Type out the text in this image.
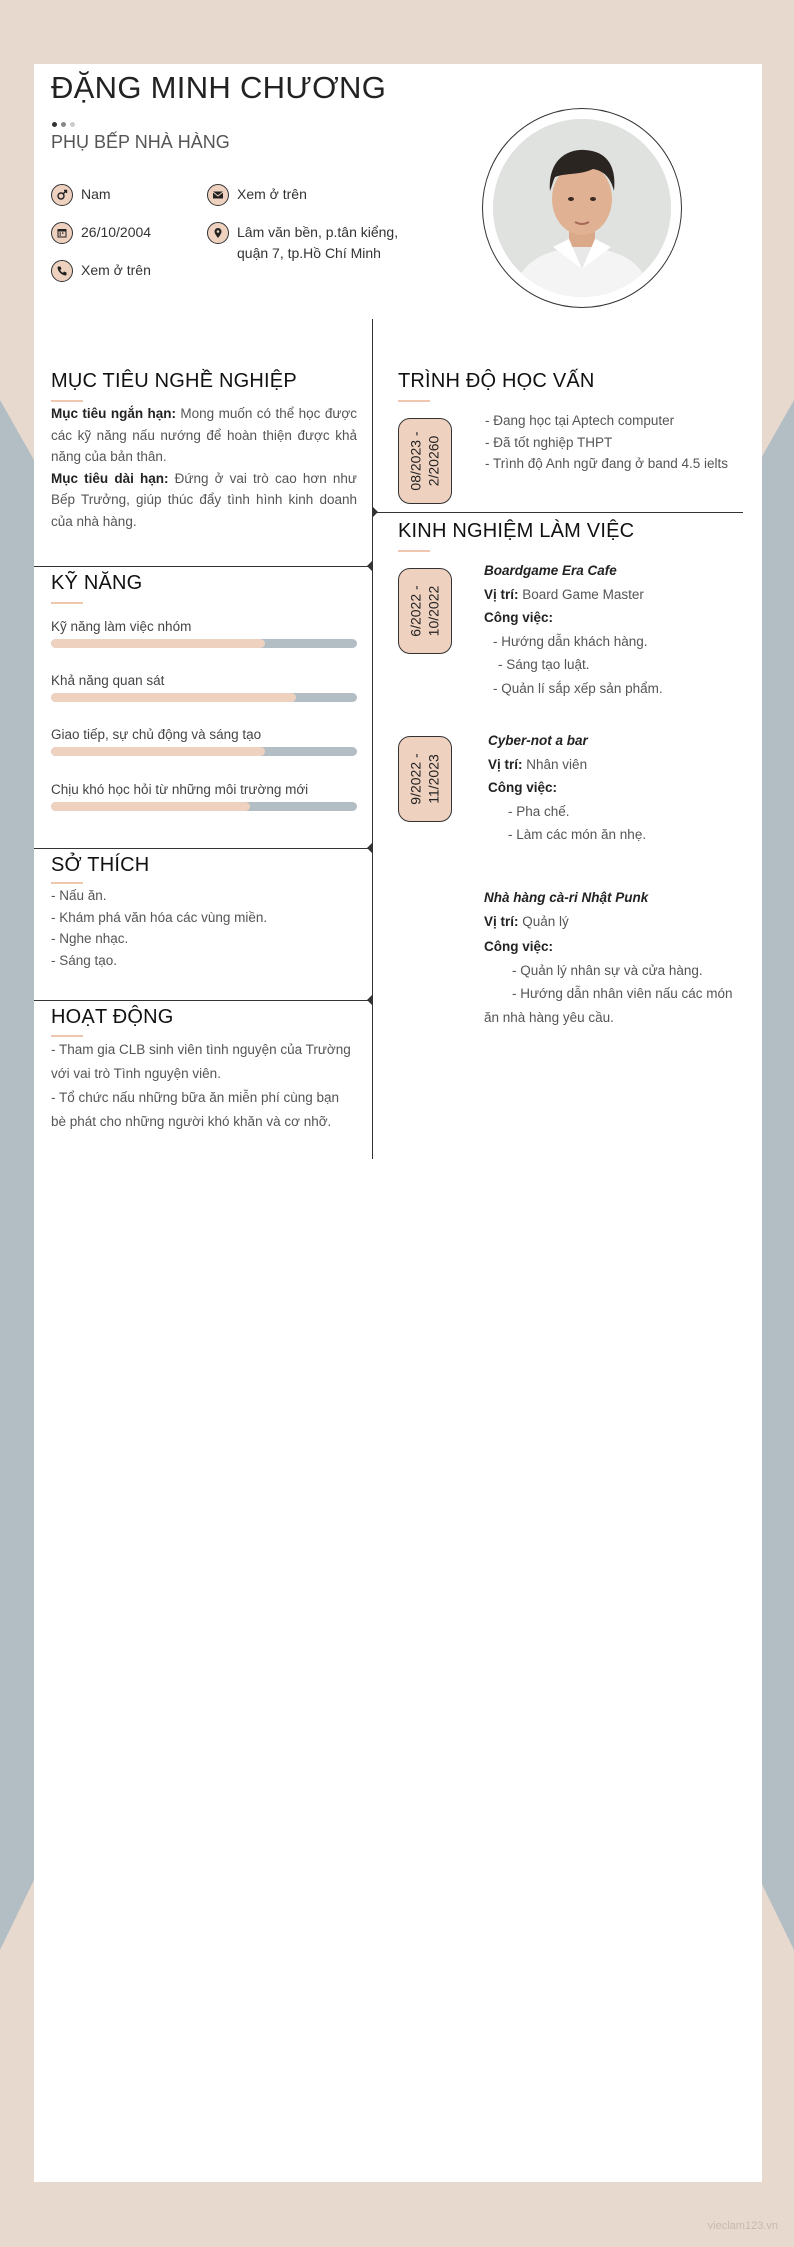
ĐẶNG MINH CHƯƠNG
PHỤ BẾP NHÀ HÀNG
Nam	Xem ở trên
26/10/2004	Lâm văn bền, p.tân kiểng,
quận 7, tp.Hồ Chí Minh
Xem ở trên
MỤC TIÊU NGHỀ NGHIỆP
Mục tiêu ngắn hạn: Mong muốn có thể học được các kỹ năng nấu nướng để hoàn thiện được khả năng của bản thân.
Mục tiêu dài hạn: Đứng ở vai trò cao hơn như Bếp Trưởng, giúp thúc đẩy tình hình kinh doanh của nhà hàng.
KỸ NĂNG
Kỹ năng làm việc nhóm
Khả năng quan sát
Giao tiếp, sự chủ động và sáng tạo
Chịu khó học hỏi từ những môi trường mới
SỞ THÍCH
- Nấu ăn.
- Khám phá văn hóa các vùng miền.
- Nghe nhạc.
- Sáng tạo.
HOẠT ĐỘNG
- Tham gia CLB sinh viên tình nguyện của Trường với vai trò Tình nguyện viên.
- Tổ chức nấu những bữa ăn miễn phí cùng bạn bè phát cho những người khó khăn và cơ nhỡ.
TRÌNH ĐỘ HỌC VẤN
08/2023 - 2/20260
- Đang học tại Aptech computer
- Đã tốt nghiệp THPT
- Trình độ Anh ngữ đang ở band 4.5 ielts
KINH NGHIỆM LÀM VIỆC
6/2022 - 10/2022
Boardgame Era Cafe
Vị trí: Board Game Master
Công việc:
- Hướng dẫn khách hàng.
- Sáng tạo luật.
- Quản lí sắp xếp sản phẩm.
9/2022 - 11/2023
Cyber-not a bar
Vị trí: Nhân viên
Công việc:
- Pha chế.
- Làm các món ăn nhẹ.
Nhà hàng cà-ri Nhật Punk
Vị trí: Quản lý
Công việc:
- Quản lý nhân sự và cửa hàng.
- Hướng dẫn nhân viên nấu các món ăn nhà hàng yêu cầu.
vieclam123.vn
